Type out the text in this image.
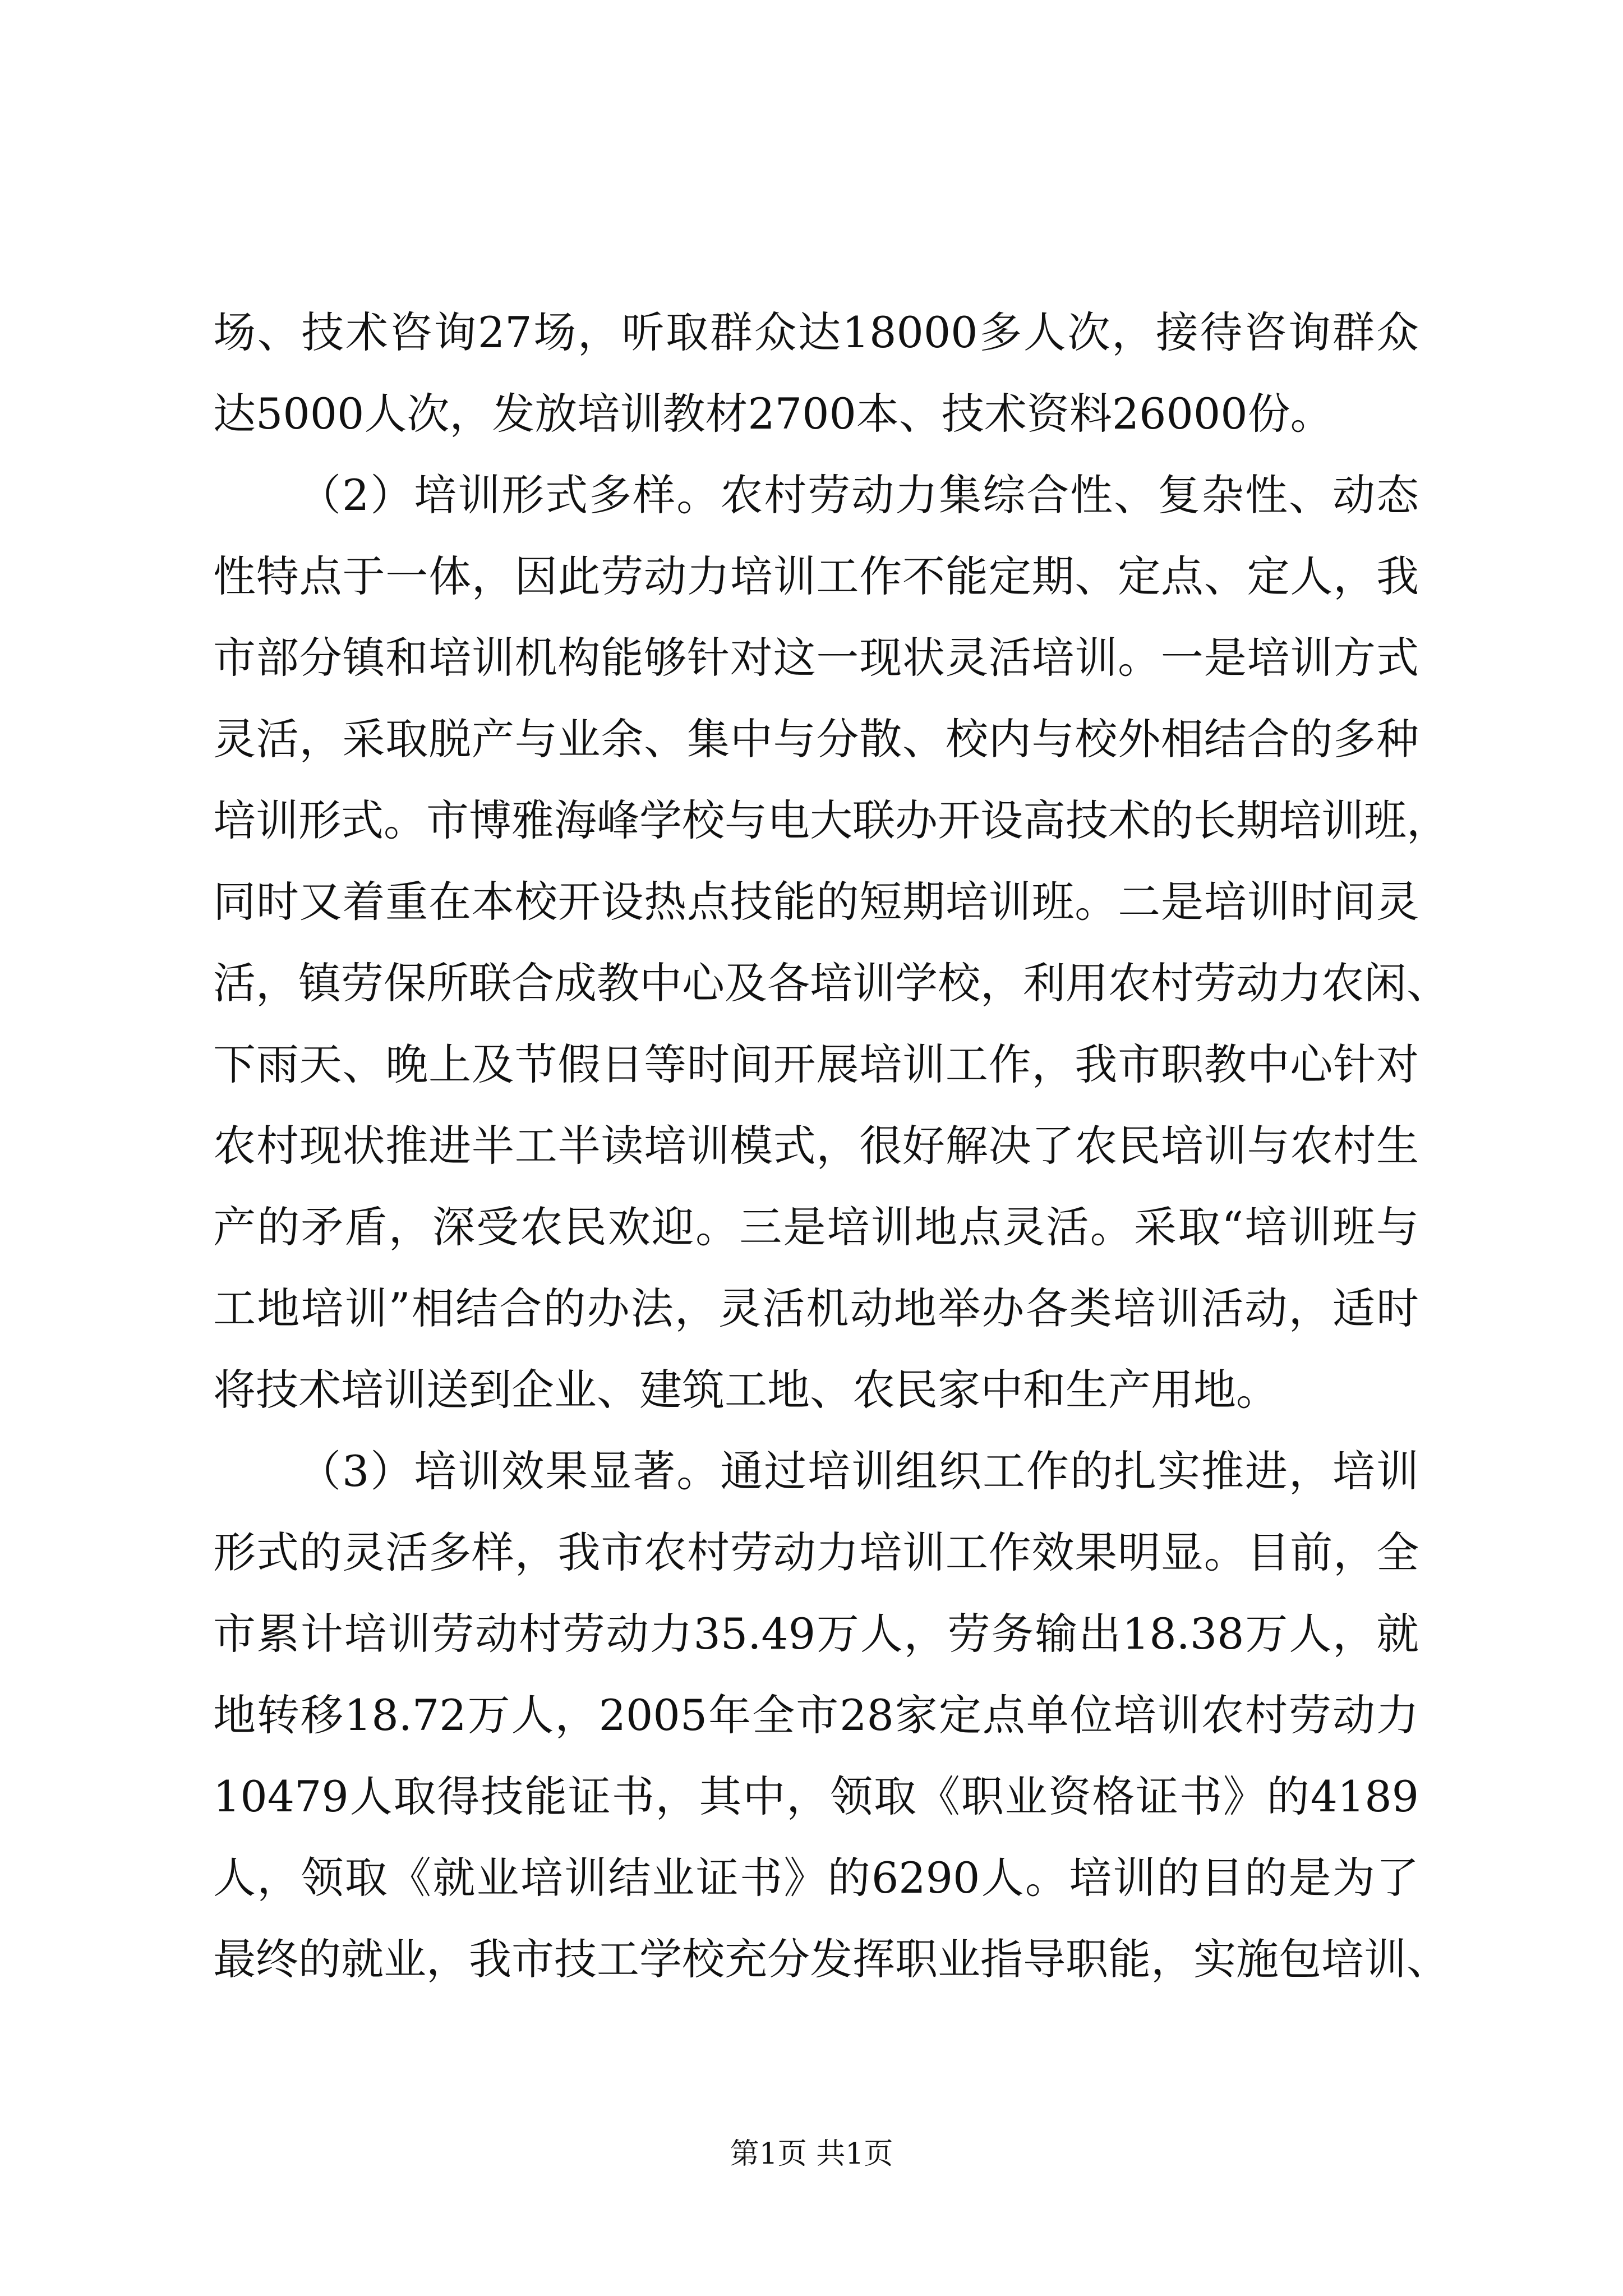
场、技术咨询27场，听取群众达18000多人次，接待咨询群众
达5000人次，发放培训教材2700本、技术资料26000份。
（2）培训形式多样。农村劳动力集综合性、复杂性、动态
性特点于一体，因此劳动力培训工作不能定期、定点、定人，我
市部分镇和培训机构能够针对这一现状灵活培训。一是培训方式
灵活，采取脱产与业余、集中与分散、校内与校外相结合的多种
培训形式。市博雅海峰学校与电大联办开设高技术的长期培训班，
同时又着重在本校开设热点技能的短期培训班。二是培训时间灵
活，镇劳保所联合成教中心及各培训学校，利用农村劳动力农闲、
下雨天、晚上及节假日等时间开展培训工作，我市职教中心针对
农村现状推进半工半读培训模式，很好解决了农民培训与农村生
产的矛盾，深受农民欢迎。三是培训地点灵活。采取“培训班与
工地培训”相结合的办法，灵活机动地举办各类培训活动，适时
将技术培训送到企业、建筑工地、农民家中和生产用地。
（3）培训效果显著。通过培训组织工作的扎实推进，培训
形式的灵活多样，我市农村劳动力培训工作效果明显。目前，全
市累计培训劳动村劳动力35.49万人，劳务输出18.38万人，就
地转移18.72万人，2005年全市28家定点单位培训农村劳动力
10479人取得技能证书，其中，领取《职业资格证书》的4189
人，领取《就业培训结业证书》的6290人。培训的目的是为了
最终的就业，我市技工学校充分发挥职业指导职能，实施包培训、
第1页 共1页
